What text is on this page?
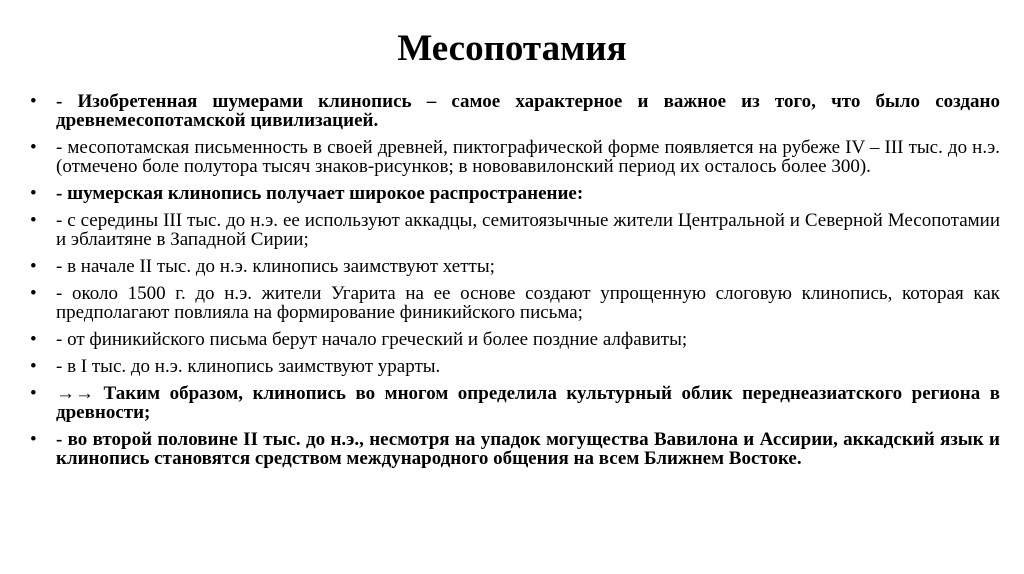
Месопотамия
•	- Изобретенная шумерами клинопись – самое характерное и важное из того, что было создано древнемесопотамской цивилизацией.
•	- месопотамская письменность в своей древней, пиктографической форме появляется на рубеже IV – III тыс. до н.э. (отмечено боле полутора тысяч знаков-рисунков; в нововавилонский период их осталось более 300).
•	- шумерская клинопись получает широкое распространение:
•	- с середины III тыс. до н.э. ее используют аккадцы, семитоязычные жители Центральной и Северной Месопотамии и эблаитяне в Западной Сирии;
•	- в начале II тыс. до н.э. клинопись заимствуют хетты;
•	- около 1500 г. до н.э. жители Угарита на ее основе создают упрощенную слоговую клинопись, которая как предполагают повлияла на формирование финикийского письма;
•	- от финикийского письма берут начало греческий и более поздние алфавиты;
•	- в I тыс. до н.э. клинопись заимствуют урарты.
•	→→ Таким образом, клинопись во многом определила культурный облик переднеазиатского региона в древности;
•	- во второй половине II тыс. до н.э., несмотря на упадок могущества Вавилона и Ассирии, аккадский язык и клинопись становятся средством международного общения на всем Ближнем Востоке.
